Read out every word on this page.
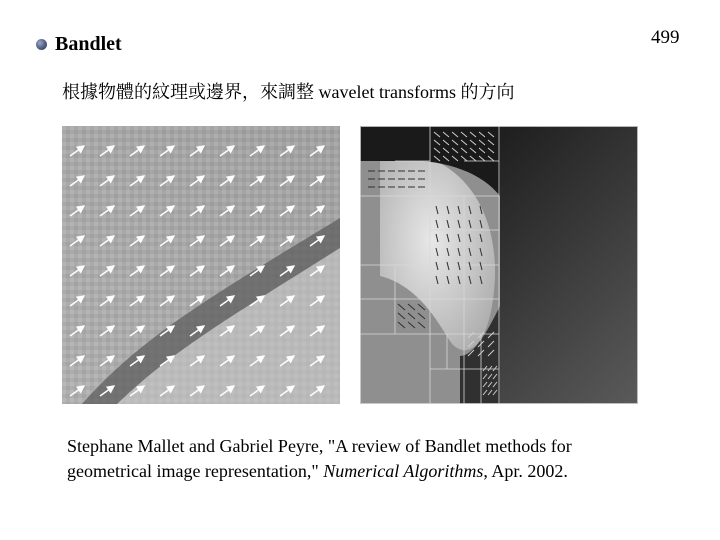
499
Bandlet
根據物體的紋理或邊界，來調整 wavelet transforms 的方向
Stephane Mallet and Gabriel Peyre, "A review of Bandlet methods for
geometrical image representation," Numerical Algorithms, Apr. 2002.
